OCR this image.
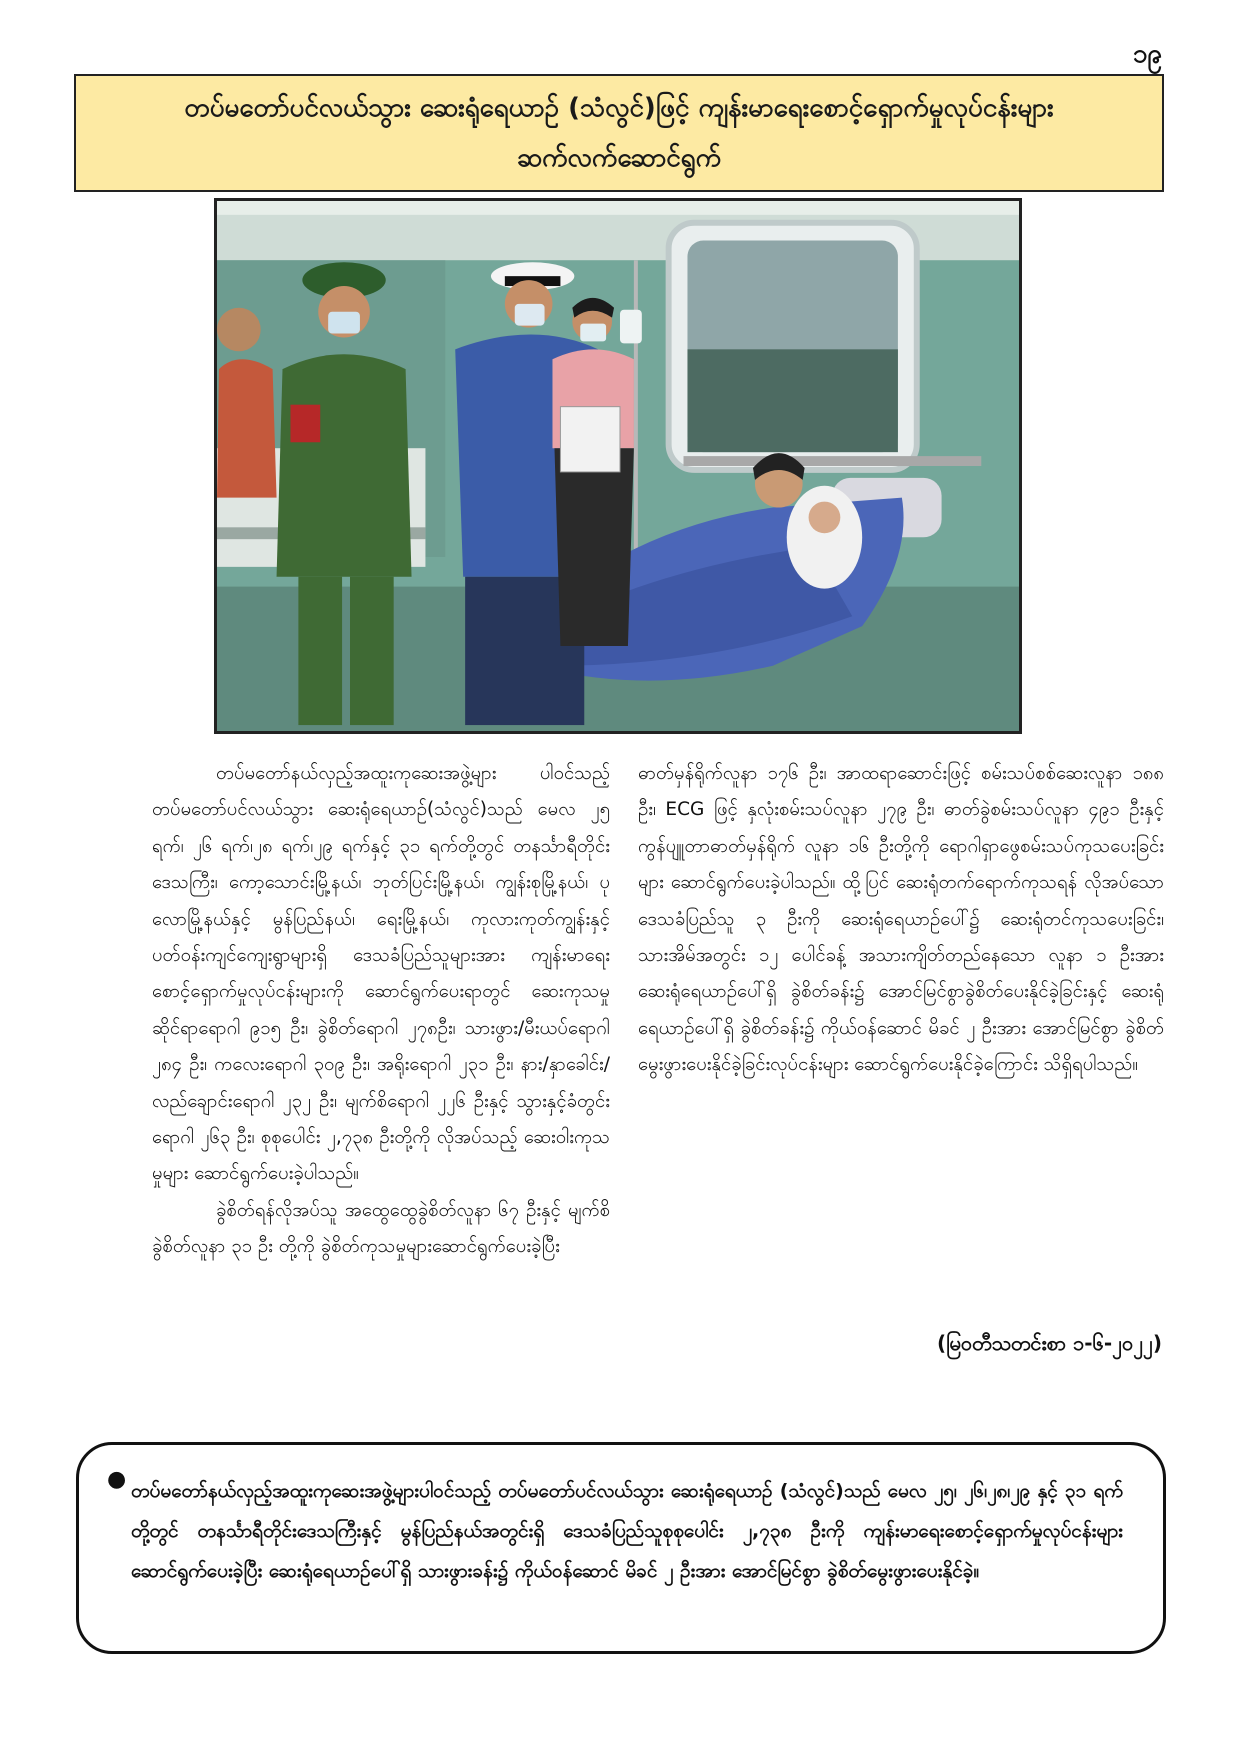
၁၉
တပ်မတော်ပင်လယ်သွား ဆေးရုံရေယာဉ် (သံလွင်)ဖြင့် ကျန်းမာရေးစောင့်ရှောက်မှုလုပ်ငန်းများ
ဆက်လက်ဆောင်ရွက်

တပ်မတော်နယ်လှည့်အထူးကုဆေးအဖွဲ့များ ပါဝင်သည့် တပ်မတော်ပင်လယ်သွား ဆေးရုံရေယာဉ်(သံလွင်)သည် မေလ ၂၅ ရက်၊ ၂၆ ရက်၊၂၈ ရက်၊၂၉ ရက်နှင့် ၃၁ ရက်တို့တွင် တနင်္သာရီတိုင်းဒေသကြီး၊ ကော့သောင်းမြို့နယ်၊ ဘုတ်ပြင်းမြို့နယ်၊ ကျွန်းစုမြို့နယ်၊ ပုလောမြို့နယ်နှင့် မွန်ပြည်နယ်၊ ရေးမြို့နယ်၊ ကုလားကုတ်ကျွန်းနှင့် ပတ်ဝန်းကျင်ကျေးရွာများရှိ ဒေသခံပြည်သူများအား ကျန်းမာရေးစောင့်ရှောက်မှုလုပ်ငန်းများကို ဆောင်ရွက်ပေးရာတွင် ဆေးကုသမှုဆိုင်ရာရောဂါ ၉၁၅ ဦး၊ ခွဲစိတ်ရောဂါ ၂၇၈ဦး၊ သားဖွား/မီးယပ်ရောဂါ ၂၈၄ ဦး၊ ကလေးရောဂါ ၃၀၉ ဦး၊ အရိုးရောဂါ ၂၃၁ ဦး၊ နား/နှာခေါင်း/လည်ချောင်းရောဂါ ၂၃၂ ဦး၊ မျက်စိရောဂါ ၂၂၆ ဦးနှင့် သွားနှင့်ခံတွင်းရောဂါ ၂၆၃ ဦး၊ စုစုပေါင်း ၂,၇၃၈ ဦးတို့ကို လိုအပ်သည့် ဆေးဝါးကုသမှုများ ဆောင်ရွက်ပေးခဲ့ပါသည်။

ခွဲစိတ်ရန်လိုအပ်သူ အထွေထွေခွဲစိတ်လူနာ ၆၇ ဦးနှင့် မျက်စိခွဲစိတ်လူနာ ၃၁ ဦး တို့ကို ခွဲစိတ်ကုသမှုများဆောင်ရွက်ပေးခဲ့ပြီး

ဓာတ်မှန်ရိုက်လူနာ ၁၇၆ ဦး၊ အာထရာဆောင်းဖြင့် စမ်းသပ်စစ်ဆေးလူနာ ၁၈၈ ဦး၊ ECG ဖြင့် နှလုံးစမ်းသပ်လူနာ ၂၇၉ ဦး၊ ဓာတ်ခွဲစမ်းသပ်လူနာ ၄၉၁ ဦးနှင့် ကွန်ပျူတာဓာတ်မှန်ရိုက် လူနာ ၁၆ ဦးတို့ကို ရောဂါရှာဖွေစမ်းသပ်ကုသပေးခြင်းများ ဆောင်ရွက်ပေးခဲ့ပါသည်။ ထို့ပြင် ဆေးရုံတက်ရောက်ကုသရန် လိုအပ်သော ဒေသခံပြည်သူ ၃ ဦးကို ဆေးရုံရေယာဉ်ပေါ်၌ ဆေးရုံတင်ကုသပေးခြင်း၊ သားအိမ်အတွင်း ၁၂ ပေါင်ခန့် အသားကျိတ်တည်နေသော လူနာ ၁ ဦးအား ဆေးရုံရေယာဉ်ပေါ်ရှိ ခွဲစိတ်ခန်း၌ အောင်မြင်စွာခွဲစိတ်ပေးနိုင်ခဲ့ခြင်းနှင့် ဆေးရုံရေယာဉ်ပေါ်ရှိ ခွဲစိတ်ခန်း၌ ကိုယ်ဝန်ဆောင် မိခင် ၂ ဦးအား အောင်မြင်စွာ ခွဲစိတ်မွေးဖွားပေးနိုင်ခဲ့ခြင်းလုပ်ငန်းများ ဆောင်ရွက်ပေးနိုင်ခဲ့ကြောင်း သိရှိရပါသည်။

(မြဝတီသတင်းစာ ၁-၆-၂၀၂၂)
● တပ်မတော်နယ်လှည့်အထူးကုဆေးအဖွဲ့များပါဝင်သည့် တပ်မတော်ပင်လယ်သွား ဆေးရုံရေယာဉ် (သံလွင်)သည် မေလ ၂၅၊ ၂၆၊၂၈၊၂၉ နှင့် ၃၁ ရက်တို့တွင် တနင်္သာရီတိုင်းဒေသကြီးနှင့် မွန်ပြည်နယ်အတွင်းရှိ ဒေသခံပြည်သူစုစုပေါင်း ၂,၇၃၈ ဦးကို ကျန်းမာရေးစောင့်ရှောက်မှုလုပ်ငန်းများ ဆောင်ရွက်ပေးခဲ့ပြီး ဆေးရုံရေယာဉ်ပေါ်ရှိ သားဖွားခန်း၌ ကိုယ်ဝန်ဆောင် မိခင် ၂ ဦးအား အောင်မြင်စွာ ခွဲစိတ်မွေးဖွားပေးနိုင်ခဲ့။
